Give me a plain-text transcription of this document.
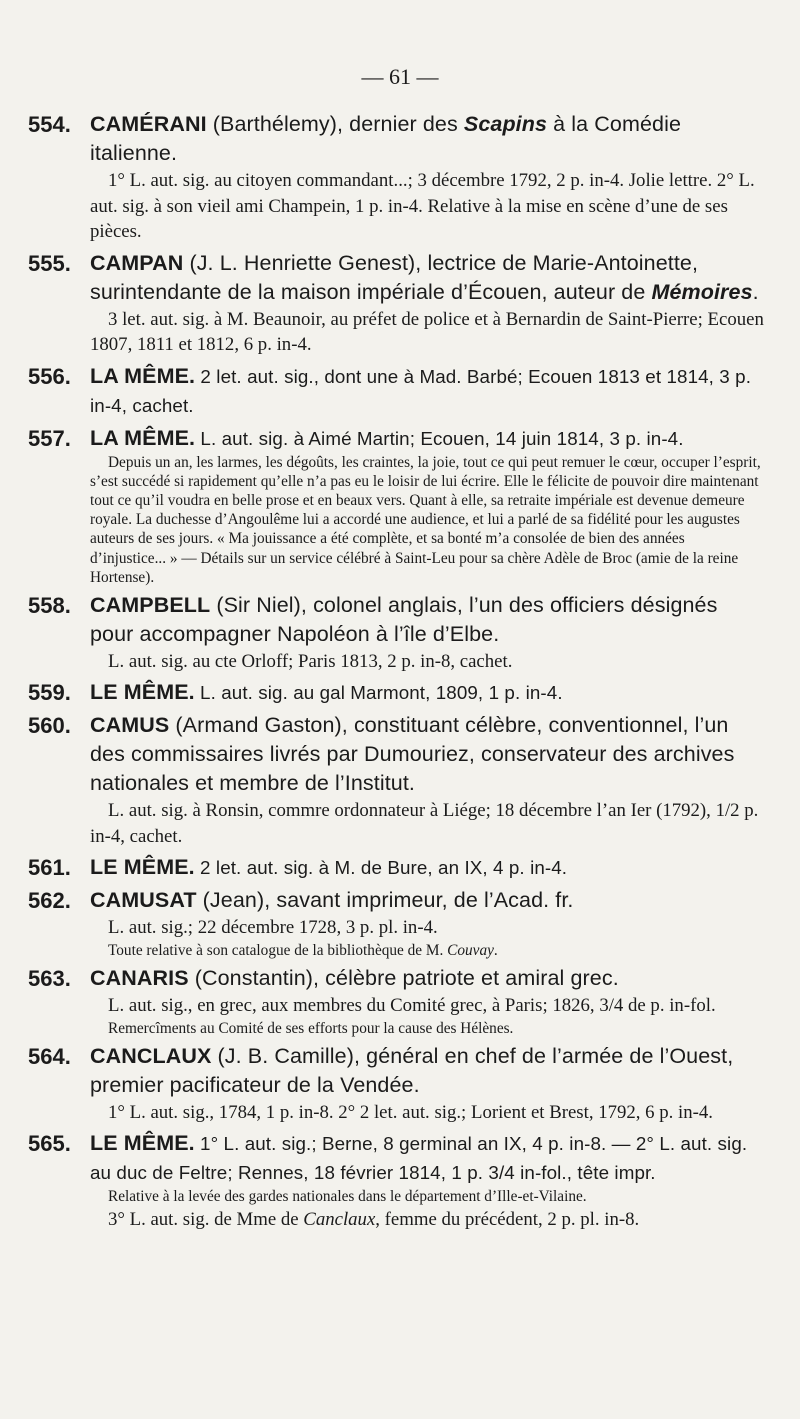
— 61 —
554. CAMÉRANI (Barthélemy), dernier des Scapins à la Comédie italienne.
1° L. aut. sig. au citoyen commandant...; 3 décembre 1792, 2 p. in-4. Jolie lettre. 2° L. aut. sig. à son vieil ami Champein, 1 p. in-4. Relative à la mise en scène d’une de ses pièces.
555. CAMPAN (J. L. Henriette Genest), lectrice de Marie-Antoinette, surintendante de la maison impériale d’Écouen, auteur de Mémoires.
3 let. aut. sig. à M. Beaunoir, au préfet de police et à Bernardin de Saint-Pierre; Ecouen 1807, 1811 et 1812, 6 p. in-4.
556. LA MÊME. 2 let. aut. sig., dont une à Mad. Barbé; Ecouen 1813 et 1814, 3 p. in-4, cachet.
557. LA MÊME. L. aut. sig. à Aimé Martin; Ecouen, 14 juin 1814, 3 p. in-4.
Depuis un an, les larmes, les dégoûts, les craintes, la joie, tout ce qui peut remuer le cœur, occuper l’esprit, s’est succédé si rapidement qu’elle n’a pas eu le loisir de lui écrire. Elle le félicite de pouvoir dire maintenant tout ce qu’il voudra en belle prose et en beaux vers. Quant à elle, sa retraite impériale est devenue demeure royale. La duchesse d’Angoulême lui a accordé une audience, et lui a parlé de sa fidélité pour les augustes auteurs de ses jours. « Ma jouissance a été complète, et sa bonté m’a consolée de bien des années d’injustice... » — Détails sur un service célébré à Saint-Leu pour sa chère Adèle de Broc (amie de la reine Hortense).
558. CAMPBELL (Sir Niel), colonel anglais, l’un des officiers désignés pour accompagner Napoléon à l’île d’Elbe.
L. aut. sig. au cte Orloff; Paris 1813, 2 p. in-8, cachet.
559. LE MÊME. L. aut. sig. au gal Marmont, 1809, 1 p. in-4.
560. CAMUS (Armand Gaston), constituant célèbre, conventionnel, l’un des commissaires livrés par Dumouriez, conservateur des archives nationales et membre de l’Institut.
L. aut. sig. à Ronsin, commre ordonnateur à Liége; 18 décembre l’an Ier (1792), 1/2 p. in-4, cachet.
561. LE MÊME. 2 let. aut. sig. à M. de Bure, an IX, 4 p. in-4.
562. CAMUSAT (Jean), savant imprimeur, de l’Acad. fr.
L. aut. sig.; 22 décembre 1728, 3 p. pl. in-4.
Toute relative à son catalogue de la bibliothèque de M. Couvay.
563. CANARIS (Constantin), célèbre patriote et amiral grec.
L. aut. sig., en grec, aux membres du Comité grec, à Paris; 1826, 3/4 de p. in-fol.
Remercîments au Comité de ses efforts pour la cause des Hélènes.
564. CANCLAUX (J. B. Camille), général en chef de l’armée de l’Ouest, premier pacificateur de la Vendée.
1° L. aut. sig., 1784, 1 p. in-8. 2° 2 let. aut. sig.; Lorient et Brest, 1792, 6 p. in-4.
565. LE MÊME. 1° L. aut. sig.; Berne, 8 germinal an IX, 4 p. in-8. — 2° L. aut. sig. au duc de Feltre; Rennes, 18 février 1814, 1 p. 3/4 in-fol., tête impr.
Relative à la levée des gardes nationales dans le département d’Ille-et-Vilaine.
3° L. aut. sig. de Mme de Canclaux, femme du précédent, 2 p. pl. in-8.
